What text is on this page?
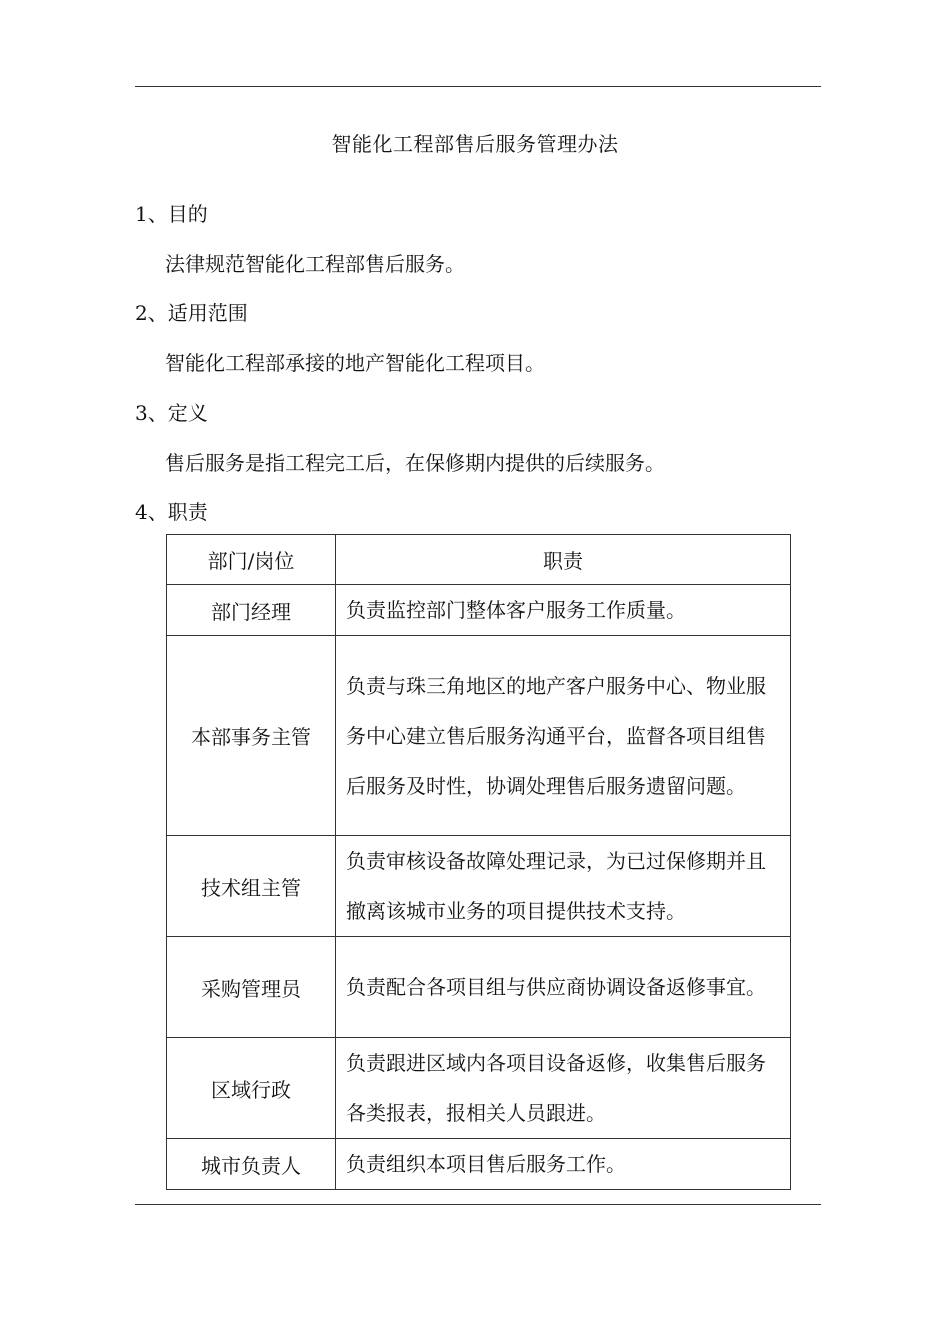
智能化工程部售后服务管理办法
1、目的
法律规范智能化工程部售后服务。
2、适用范围
智能化工程部承接的地产智能化工程项目。
3、定义
售后服务是指工程完工后，在保修期内提供的后续服务。
4、职责
部门/岗位	职责
部门经理	负责监控部门整体客户服务工作质量。
本部事务主管	负责与珠三角地区的地产客户服务中心、物业服务中心建立售后服务沟通平台，监督各项目组售后服务及时性，协调处理售后服务遗留问题。
技术组主管	负责审核设备故障处理记录，为已过保修期并且撤离该城市业务的项目提供技术支持。
采购管理员	负责配合各项目组与供应商协调设备返修事宜。
区域行政	负责跟进区域内各项目设备返修，收集售后服务各类报表，报相关人员跟进。
城市负责人	负责组织本项目售后服务工作。
